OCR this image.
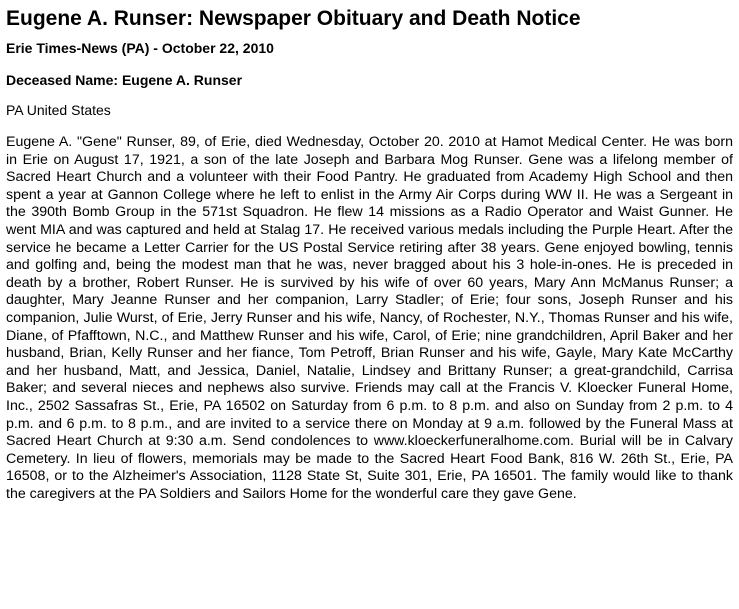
Eugene A. Runser: Newspaper Obituary and Death Notice
Erie Times-News (PA) - October 22, 2010
Deceased Name: Eugene A. Runser
PA United States

Eugene A. "Gene" Runser, 89, of Erie, died Wednesday, October 20. 2010 at Hamot Medical Center. He was born in Erie on August 17, 1921, a son of the late Joseph and Barbara Mog Runser. Gene was a lifelong member of Sacred Heart Church and a volunteer with their Food Pantry. He graduated from Academy High School and then spent a year at Gannon College where he left to enlist in the Army Air Corps during WW II. He was a Sergeant in the 390th Bomb Group in the 571st Squadron. He flew 14 missions as a Radio Operator and Waist Gunner. He went MIA and was captured and held at Stalag 17. He received various medals including the Purple Heart. After the service he became a Letter Carrier for the US Postal Service retiring after 38 years. Gene enjoyed bowling, tennis and golfing and, being the modest man that he was, never bragged about his 3 hole-in-ones. He is preceded in death by a brother, Robert Runser. He is survived by his wife of over 60 years, Mary Ann McManus Runser; a daughter, Mary Jeanne Runser and her companion, Larry Stadler; of Erie; four sons, Joseph Runser and his companion, Julie Wurst, of Erie, Jerry Runser and his wife, Nancy, of Rochester, N.Y., Thomas Runser and his wife, Diane, of Pfafftown, N.C., and Matthew Runser and his wife, Carol, of Erie; nine grandchildren, April Baker and her husband, Brian, Kelly Runser and her fiance, Tom Petroff, Brian Runser and his wife, Gayle, Mary Kate McCarthy and her husband, Matt, and Jessica, Daniel, Natalie, Lindsey and Brittany Runser; a great-grandchild, Carrisa Baker; and several nieces and nephews also survive. Friends may call at the Francis V. Kloecker Funeral Home, Inc., 2502 Sassafras St., Erie, PA 16502 on Saturday from 6 p.m. to 8 p.m. and also on Sunday from 2 p.m. to 4 p.m. and 6 p.m. to 8 p.m., and are invited to a service there on Monday at 9 a.m. followed by the Funeral Mass at Sacred Heart Church at 9:30 a.m. Send condolences to www.kloeckerfuneralhome.com. Burial will be in Calvary Cemetery. In lieu of flowers, memorials may be made to the Sacred Heart Food Bank, 816 W. 26th St., Erie, PA 16508, or to the Alzheimer's Association, 1128 State St, Suite 301, Erie, PA 16501. The family would like to thank the caregivers at the PA Soldiers and Sailors Home for the wonderful care they gave Gene.
